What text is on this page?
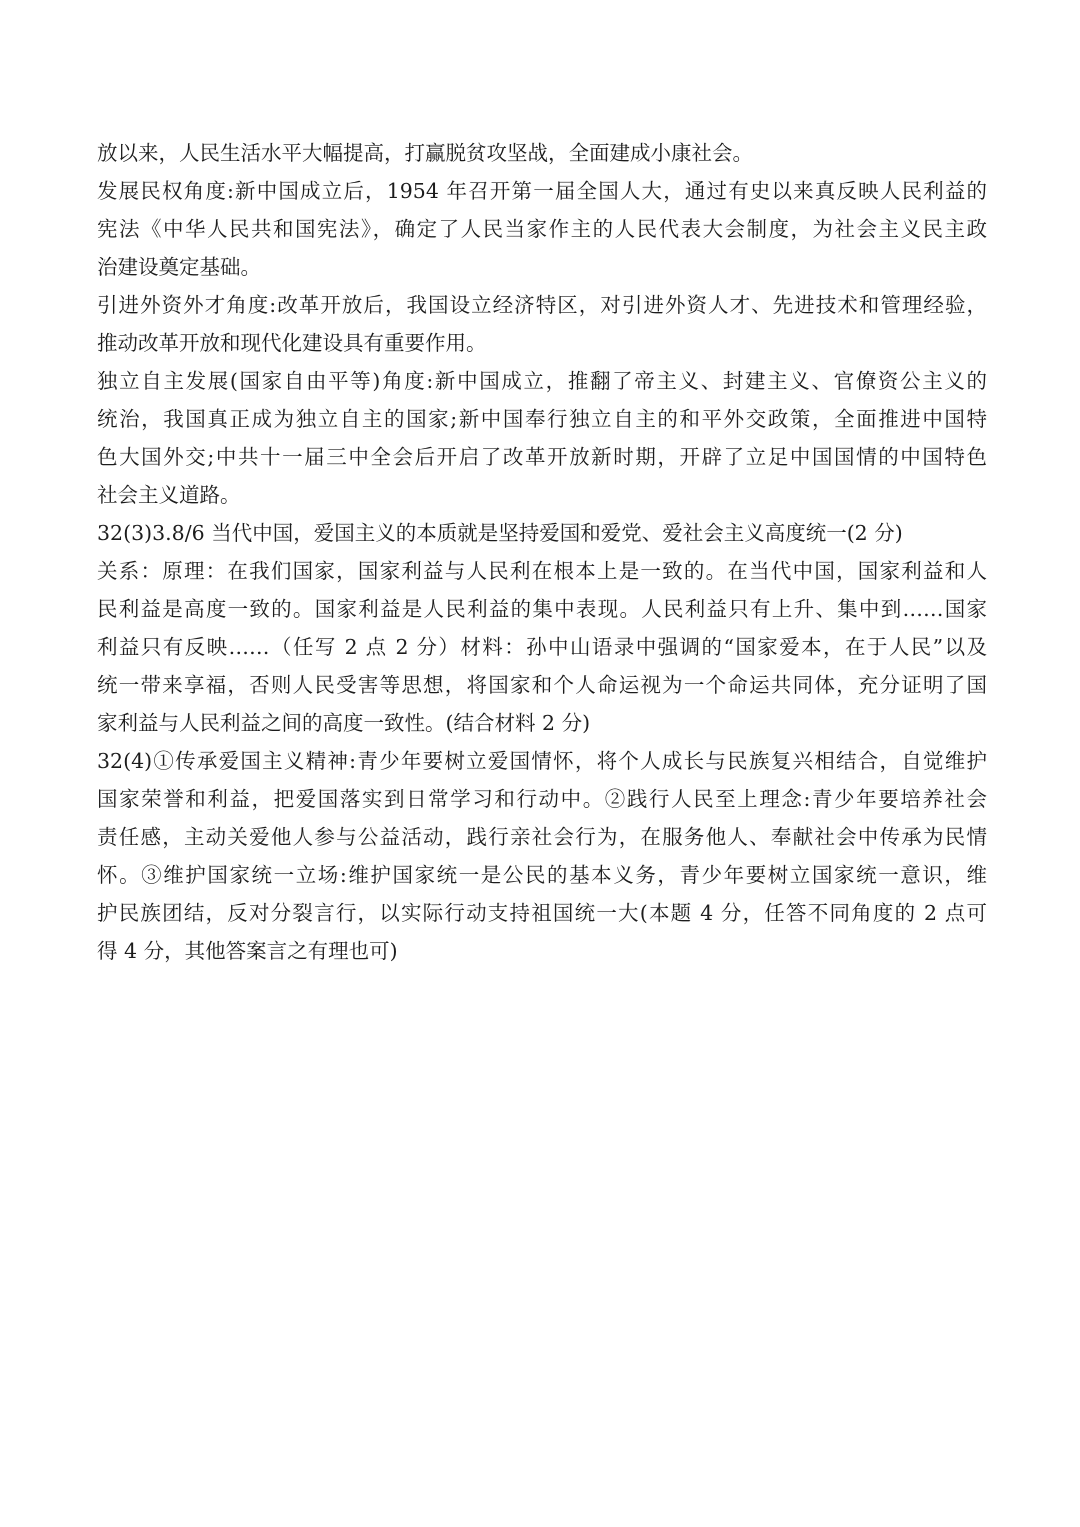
放以来，人民生活水平大幅提高，打赢脱贫攻坚战，全面建成小康社会。
发展民权角度:新中国成立后，1954 年召开第一届全国人大，通过有史以来真反映人民利益的
宪法《中华人民共和国宪法》，确定了人民当家作主的人民代表大会制度，为社会主义民主政
治建设奠定基础。
引进外资外才角度:改革开放后，我国设立经济特区，对引进外资人才、先进技术和管理经验，
推动改革开放和现代化建设具有重要作用。
独立自主发展(国家自由平等)角度:新中国成立，推翻了帝主义、封建主义、官僚资公主义的
统治，我国真正成为独立自主的国家;新中国奉行独立自主的和平外交政策，全面推进中国特
色大国外交;中共十一届三中全会后开启了改革开放新时期，开辟了立足中国国情的中国特色
社会主义道路。
32(3)3.8/6 当代中国，爱国主义的本质就是坚持爱国和爱党、爱社会主义高度统一(2 分)
关系：原理：在我们国家，国家利益与人民利在根本上是一致的。在当代中国，国家利益和人
民利益是高度一致的。国家利益是人民利益的集中表现。人民利益只有上升、集中到……国家
利益只有反映……（任写 2 点 2 分）材料：孙中山语录中强调的“国家爱本，在于人民”以及
统一带来享福，否则人民受害等思想，将国家和个人命运视为一个命运共同体，充分证明了国
家利益与人民利益之间的高度一致性。(结合材料 2 分)
32(4)①传承爱国主义精神:青少年要树立爱国情怀，将个人成长与民族复兴相结合，自觉维护
国家荣誉和利益，把爱国落实到日常学习和行动中。②践行人民至上理念:青少年要培养社会
责任感，主动关爱他人参与公益活动，践行亲社会行为，在服务他人、奉献社会中传承为民情
怀。③维护国家统一立场:维护国家统一是公民的基本义务，青少年要树立国家统一意识，维
护民族团结，反对分裂言行，以实际行动支持祖国统一大(本题 4 分，任答不同角度的 2 点可
得 4 分，其他答案言之有理也可)
